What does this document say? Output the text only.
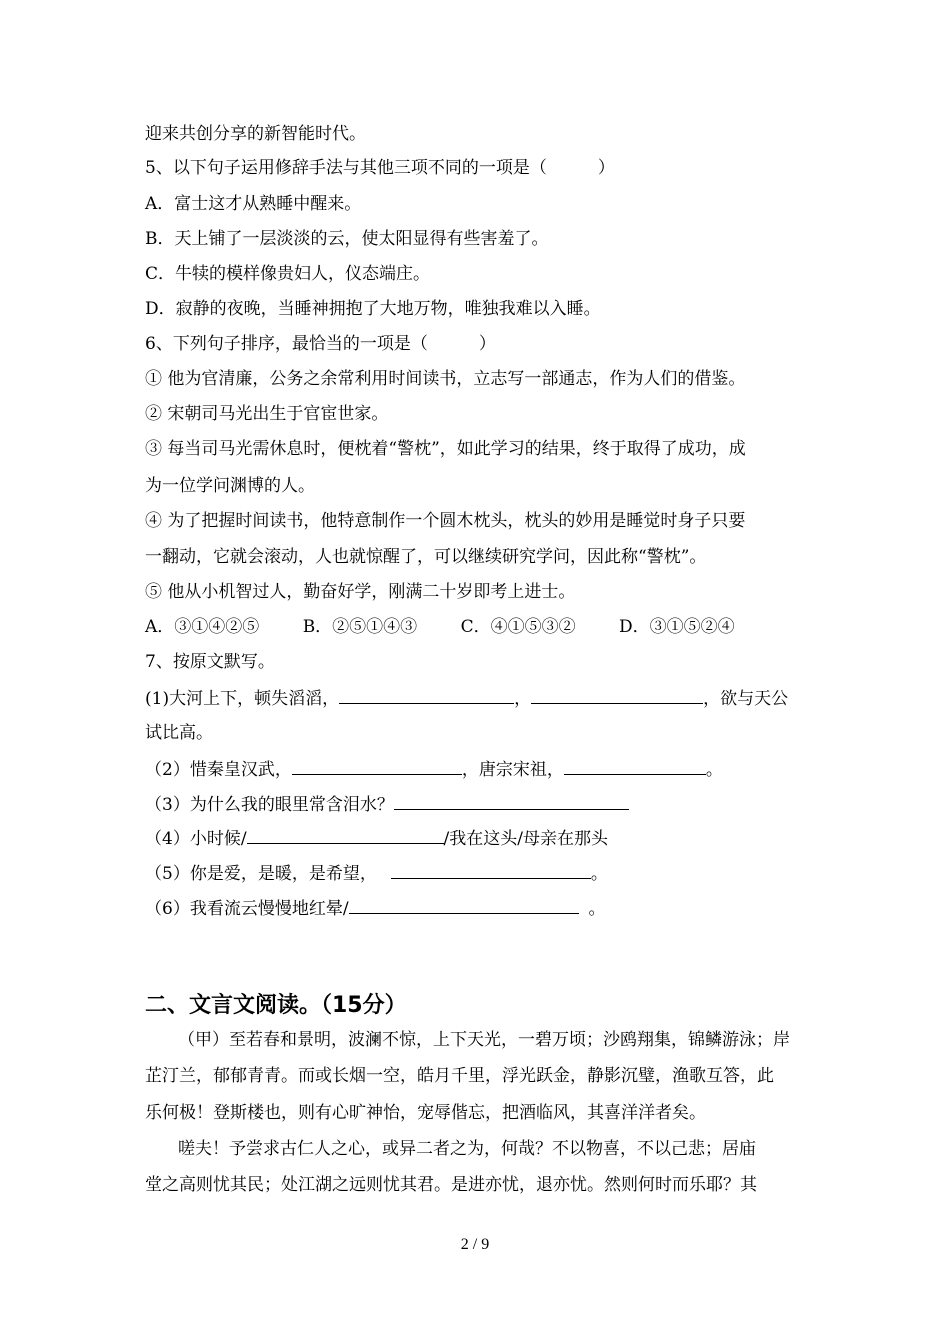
迎来共创分享的新智能时代。
5、以下句子运用修辞手法与其他三项不同的一项是（　　　）
A．富士这才从熟睡中醒来。
B．天上铺了一层淡淡的云，使太阳显得有些害羞了。
C．牛犊的模样像贵妇人，仪态端庄。
D．寂静的夜晚，当睡神拥抱了大地万物，唯独我难以入睡。
6、下列句子排序，最恰当的一项是（　　　）
① 他为官清廉，公务之余常利用时间读书，立志写一部通志，作为人们的借鉴。
② 宋朝司马光出生于官宦世家。
③ 每当司马光需休息时，便枕着“警枕”，如此学习的结果，终于取得了成功，成
为一位学问渊博的人。
④ 为了把握时间读书，他特意制作一个圆木枕头，枕头的妙用是睡觉时身子只要
一翻动，它就会滚动，人也就惊醒了，可以继续研究学问，因此称“警枕”。
⑤ 他从小机智过人，勤奋好学，刚满二十岁即考上进士。
A．③①④②⑤	B．②⑤①④③	C．④①⑤③②	D．③①⑤②④
7、按原文默写。
(1)大河上下，顿失滔滔，	，	，欲与天公
试比高。
（2）惜秦皇汉武，	，唐宗宋祖，	。
（3）为什么我的眼里常含泪水？
（4）小时候/	/我在这头/母亲在那头
（5）你是爱，是暖，是希望，	。
（6）我看流云慢慢地红晕/	。
二、文言文阅读。（15分）
（甲）至若春和景明，波澜不惊，上下天光，一碧万顷；沙鸥翔集，锦鳞游泳；岸
芷汀兰，郁郁青青。而或长烟一空，皓月千里，浮光跃金，静影沉璧，渔歌互答，此
乐何极！登斯楼也，则有心旷神怡，宠辱偕忘，把酒临风，其喜洋洋者矣。
嗟夫！予尝求古仁人之心，或异二者之为，何哉？不以物喜，不以己悲；居庙
堂之高则忧其民；处江湖之远则忧其君。是进亦忧，退亦忧。然则何时而乐耶？其
2 / 9
